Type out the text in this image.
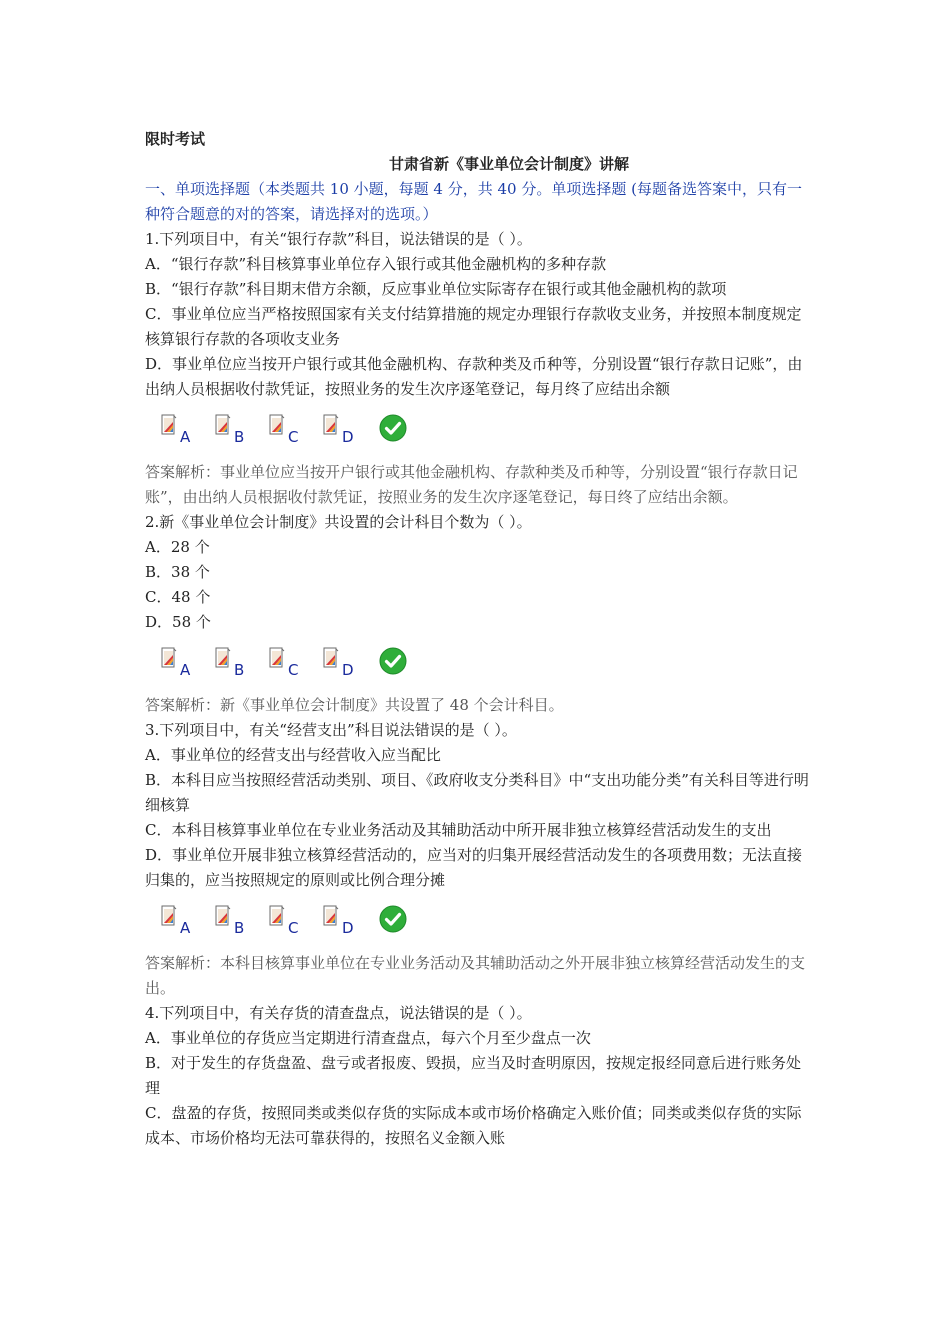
限时考试
甘肃省新《事业单位会计制度》讲解
一、单项选择题（本类题共 10 小题，每题 4 分，共 40 分。单项选择题 (每题备选答案中，只有一种符合题意的对的答案，请选择对的选项。）

1.下列项目中，有关“银行存款”科目，说法错误的是（ ）。

A．“银行存款”科目核算事业单位存入银行或其他金融机构的多种存款

B．“银行存款”科目期末借方余额，反应事业单位实际寄存在银行或其他金融机构的款项

C．事业单位应当严格按照国家有关支付结算措施的规定办理银行存款收支业务，并按照本制度规定核算银行存款的各项收支业务

D．事业单位应当按开户银行或其他金融机构、存款种类及币种等，分别设置“银行存款日记账”，由出纳人员根据收付款凭证，按照业务的发生次序逐笔登记，每月终了应结出余额

A	B	C	D

答案解析：事业单位应当按开户银行或其他金融机构、存款种类及币种等，分别设置“银行存款日记账”，由出纳人员根据收付款凭证，按照业务的发生次序逐笔登记，每日终了应结出余额。

2.新《事业单位会计制度》共设置的会计科目个数为（ ）。

A．28 个

B．38 个

C．48 个

D．58 个

A	B	C	D

答案解析：新《事业单位会计制度》共设置了 48 个会计科目。

3.下列项目中，有关“经营支出”科目说法错误的是（ ）。

A．事业单位的经营支出与经营收入应当配比

B．本科目应当按照经营活动类别、项目、《政府收支分类科目》中“支出功能分类”有关科目等进行明细核算

C．本科目核算事业单位在专业业务活动及其辅助活动中所开展非独立核算经营活动发生的支出

D．事业单位开展非独立核算经营活动的，应当对的归集开展经营活动发生的各项费用数；无法直接归集的，应当按照规定的原则或比例合理分摊

A	B	C	D

答案解析：本科目核算事业单位在专业业务活动及其辅助活动之外开展非独立核算经营活动发生的支出。

4.下列项目中，有关存货的清查盘点，说法错误的是（ ）。

A．事业单位的存货应当定期进行清查盘点，每六个月至少盘点一次

B．对于发生的存货盘盈、盘亏或者报废、毁损，应当及时查明原因，按规定报经同意后进行账务处理

C．盘盈的存货，按照同类或类似存货的实际成本或市场价格确定入账价值；同类或类似存货的实际成本、市场价格均无法可靠获得的，按照名义金额入账
